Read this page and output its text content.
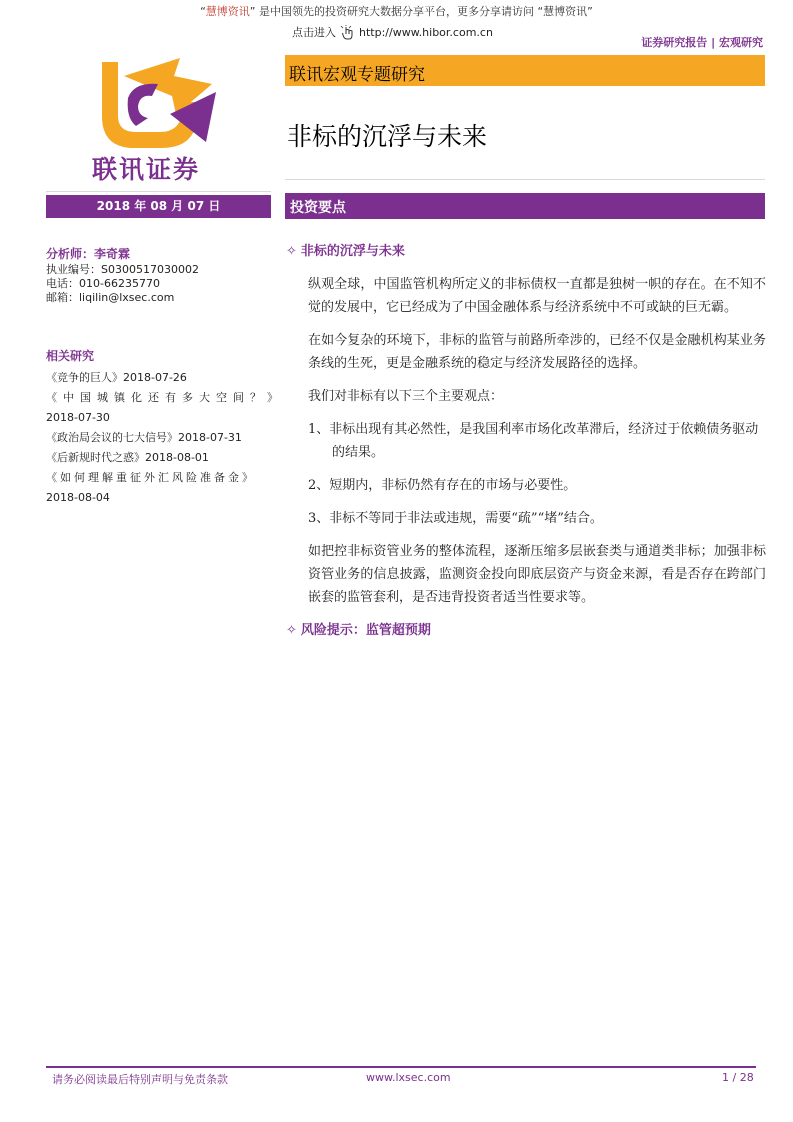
“慧博资讯” 是中国领先的投资研究大数据分享平台，更多分享请访问 “慧博资讯”
点击进入 http://www.hibor.com.cn
证券研究报告 | 宏观研究
联讯证券
联讯宏观专题研究
非标的沉浮与未来
2018 年 08 月 07 日	投资要点
分析师：李奇霖
执业编号：S0300517030002
电话：010-66235770
邮箱：liqilin@lxsec.com
相关研究
《竞争的巨人》2018-07-26
《中国城镇化还有多大空间？》
2018-07-30
《政治局会议的七大信号》2018-07-31
《后新规时代之惑》2018-08-01
《如何理解重征外汇风险准备金》
2018-08-04
✧ 非标的沉浮与未来

纵观全球，中国监管机构所定义的非标债权一直都是独树一帜的存在。在不知不觉的发展中，它已经成为了中国金融体系与经济系统中不可或缺的巨无霸。

在如今复杂的环境下，非标的监管与前路所牵涉的，已经不仅是金融机构某业务条线的生死，更是金融系统的稳定与经济发展路径的选择。

我们对非标有以下三个主要观点：

1、非标出现有其必然性，是我国利率市场化改革滞后，经济过于依赖债务驱动的结果。

2、短期内，非标仍然有存在的市场与必要性。

3、非标不等同于非法或违规，需要“疏”“堵”结合。

如把控非标资管业务的整体流程，逐渐压缩多层嵌套类与通道类非标；加强非标资管业务的信息披露，监测资金投向即底层资产与资金来源，看是否存在跨部门嵌套的监管套利，是否违背投资者适当性要求等。

✧ 风险提示：监管超预期
请务必阅读最后特别声明与免责条款	www.lxsec.com	1 / 28
